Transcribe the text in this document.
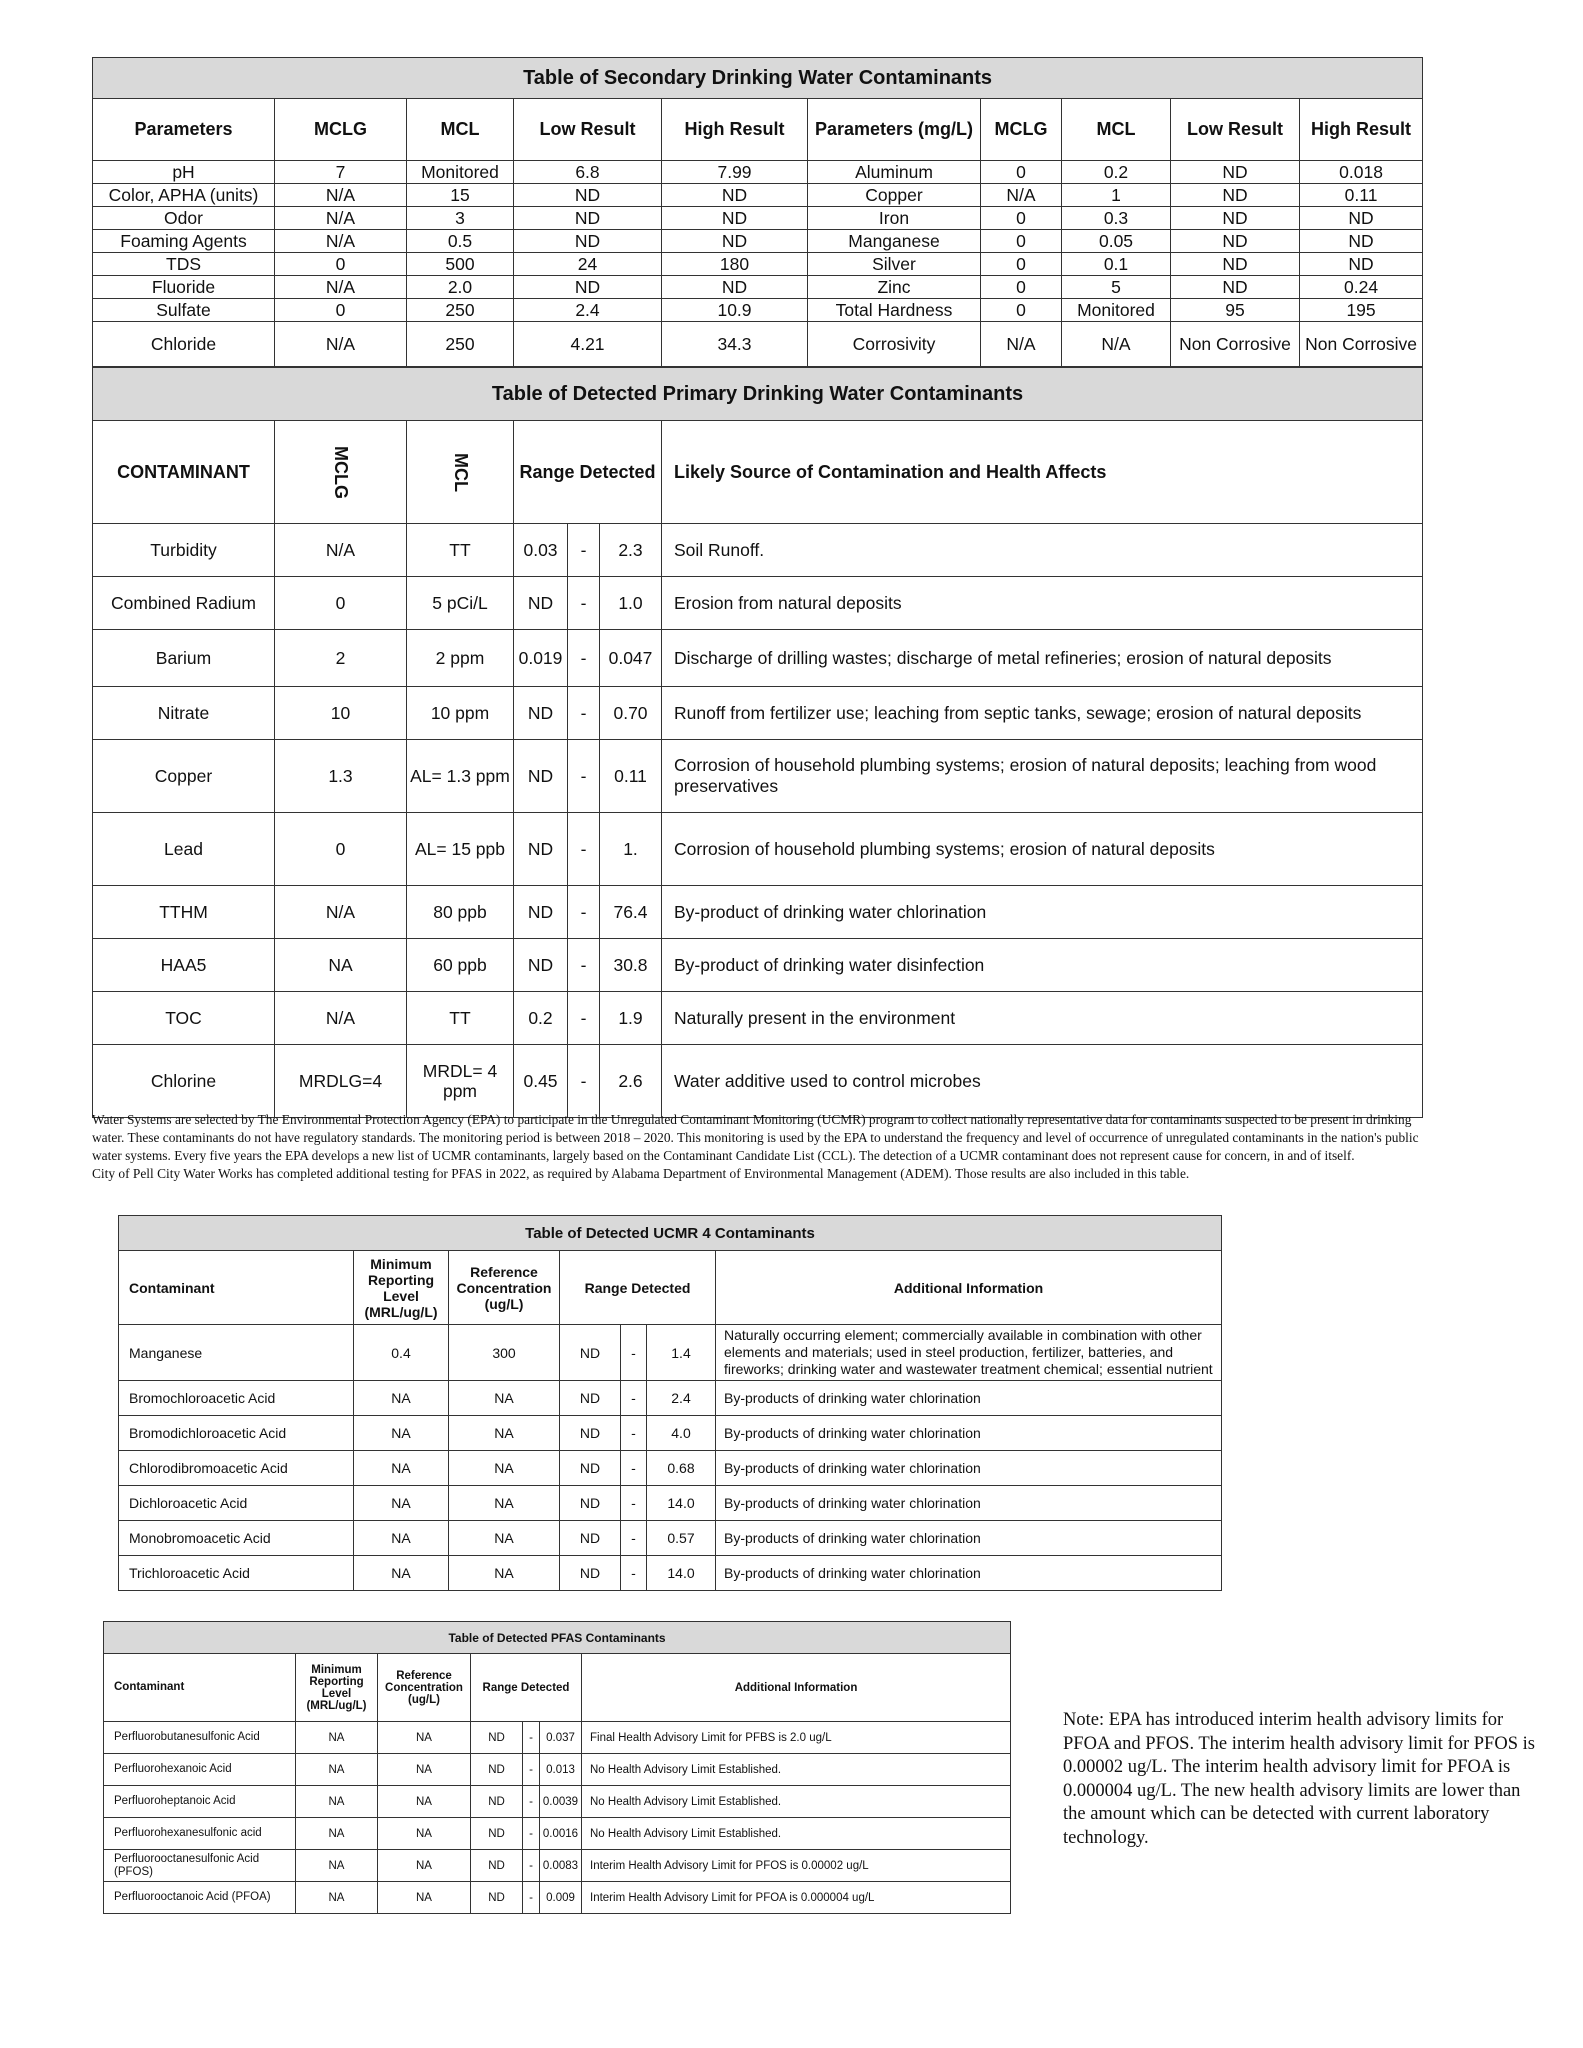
Table of Secondary Drinking Water Contaminants									
Parameters	MCLG	MCL	Low Result	High Result	Parameters (mg/L)	MCLG	MCL	Low Result	High Result
pH	7	Monitored	6.8	7.99	Aluminum	0	0.2	ND	0.018
Color, APHA (units)	N/A	15	ND	ND	Copper	N/A	1	ND	0.11
Odor	N/A	3	ND	ND	Iron	0	0.3	ND	ND
Foaming Agents	N/A	0.5	ND	ND	Manganese	0	0.05	ND	ND
TDS	0	500	24	180	Silver	0	0.1	ND	ND
Fluoride	N/A	2.0	ND	ND	Zinc	0	5	ND	0.24
Sulfate	0	250	2.4	10.9	Total Hardness	0	Monitored	95	195
Chloride	N/A	250	4.21	34.3	Corrosivity	N/A	N/A	Non Corrosive	Non Corrosive
Table of Detected Primary Drinking Water Contaminants						
CONTAMINANT	MCLG	MCL	Range Detected			Likely Source of Contamination and Health Affects
Turbidity	N/A	TT	0.03	-	2.3	Soil Runoff.
Combined Radium	0	5 pCi/L	ND	-	1.0	Erosion from natural deposits
Barium	2	2 ppm	0.019	-	0.047	Discharge of drilling wastes; discharge of metal refineries; erosion of natural deposits
Nitrate	10	10 ppm	ND	-	0.70	Runoff from fertilizer use; leaching from septic tanks, sewage; erosion of natural deposits
Copper	1.3	AL= 1.3 ppm	ND	-	0.11	Corrosion of household plumbing systems; erosion of natural deposits; leaching from wood preservatives
Lead	0	AL= 15 ppb	ND	-	1.	Corrosion of household plumbing systems; erosion of natural deposits
TTHM	N/A	80 ppb	ND	-	76.4	By-product of drinking water chlorination
HAA5	NA	60 ppb	ND	-	30.8	By-product of drinking water disinfection
TOC	N/A	TT	0.2	-	1.9	Naturally present in the environment
Chlorine	MRDLG=4	MRDL= 4 ppm	0.45	-	2.6	Water additive used to control microbes

Water Systems are selected by The Environmental Protection Agency (EPA) to participate in the Unregulated Contaminant Monitoring (UCMR) program to collect nationally representative data for contaminants suspected to be present in drinking water. These contaminants do not have regulatory standards. The monitoring period is between 2018 – 2020. This monitoring is used by the EPA to understand the frequency and level of occurrence of unregulated contaminants in the nation's public water systems. Every five years the EPA develops a new list of UCMR contaminants, largely based on the Contaminant Candidate List (CCL). The detection of a UCMR contaminant does not represent cause for concern, in and of itself.

City of Pell City Water Works has completed additional testing for PFAS in 2022, as required by Alabama Department of Environmental Management (ADEM). Those results are also included in this table.

Table of Detected UCMR 4 Contaminants						
Contaminant	Minimum Reporting Level (MRL/ug/L)	Reference Concentration (ug/L)	Range Detected			Additional Information
Manganese	0.4	300	ND	-	1.4	Naturally occurring element; commercially available in combination with other elements and materials; used in steel production, fertilizer, batteries, and fireworks; drinking water and wastewater treatment chemical; essential nutrient
Bromochloroacetic Acid	NA	NA	ND	-	2.4	By-products of drinking water chlorination
Bromodichloroacetic Acid	NA	NA	ND	-	4.0	By-products of drinking water chlorination
Chlorodibromoacetic Acid	NA	NA	ND	-	0.68	By-products of drinking water chlorination
Dichloroacetic Acid	NA	NA	ND	-	14.0	By-products of drinking water chlorination
Monobromoacetic Acid	NA	NA	ND	-	0.57	By-products of drinking water chlorination
Trichloroacetic Acid	NA	NA	ND	-	14.0	By-products of drinking water chlorination
Table of Detected PFAS Contaminants						
Contaminant	Minimum Reporting Level (MRL/ug/L)	Reference Concentration (ug/L)	Range Detected			Additional Information
Perfluorobutanesulfonic Acid	NA	NA	ND	-	0.037	Final Health Advisory Limit for PFBS is 2.0 ug/L
Perfluorohexanoic Acid	NA	NA	ND	-	0.013	No Health Advisory Limit Established.
Perfluoroheptanoic Acid	NA	NA	ND	-	0.0039	No Health Advisory Limit Established.
Perfluorohexanesulfonic acid	NA	NA	ND	-	0.0016	No Health Advisory Limit Established.
Perfluorooctanesulfonic Acid (PFOS)	NA	NA	ND	-	0.0083	Interim Health Advisory Limit for PFOS is 0.00002 ug/L
Perfluorooctanoic Acid (PFOA)	NA	NA	ND	-	0.009	Interim Health Advisory Limit for PFOA is 0.000004 ug/L
Note: EPA has introduced interim health advisory limits for PFOA and PFOS. The interim health advisory limit for PFOS is 0.00002 ug/L. The interim health advisory limit for PFOA is 0.000004 ug/L. The new health advisory limits are lower than the amount which can be detected with current laboratory technology.
